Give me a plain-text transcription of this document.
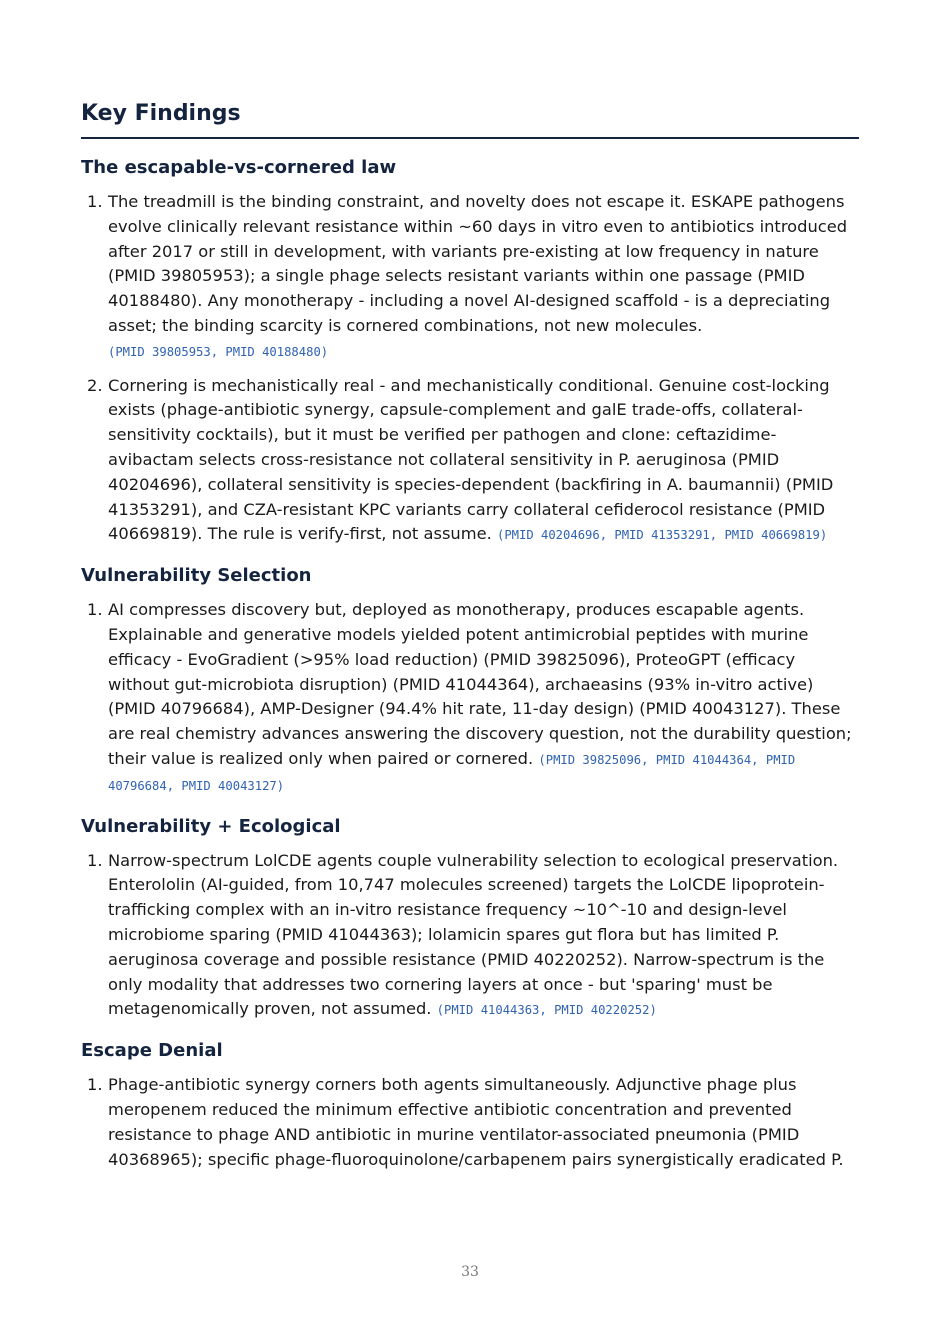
Key Findings
The escapable-vs-cornered law
1. The treadmill is the binding constraint, and novelty does not escape it. ESKAPE pathogens evolve clinically relevant resistance within ~60 days in vitro even to antibiotics introduced after 2017 or still in development, with variants pre-existing at low frequency in nature (PMID 39805953); a single phage selects resistant variants within one passage (PMID 40188480). Any monotherapy - including a novel AI-designed scaffold - is a depreciating asset; the binding scarcity is cornered combinations, not new molecules.
(PMID 39805953, PMID 40188480)
2. Cornering is mechanistically real - and mechanistically conditional. Genuine cost-locking exists (phage-antibiotic synergy, capsule-complement and galE trade-offs, collateral-sensitivity cocktails), but it must be verified per pathogen and clone: ceftazidime-avibactam selects cross-resistance not collateral sensitivity in P. aeruginosa (PMID 40204696), collateral sensitivity is species-dependent (backfiring in A. baumannii) (PMID 41353291), and CZA-resistant KPC variants carry collateral cefiderocol resistance (PMID 40669819). The rule is verify-first, not assume. (PMID 40204696, PMID 41353291, PMID 40669819)
Vulnerability Selection
1. AI compresses discovery but, deployed as monotherapy, produces escapable agents. Explainable and generative models yielded potent antimicrobial peptides with murine efficacy - EvoGradient (>95% load reduction) (PMID 39825096), ProteoGPT (efficacy without gut-microbiota disruption) (PMID 41044364), archaeasins (93% in-vitro active) (PMID 40796684), AMP-Designer (94.4% hit rate, 11-day design) (PMID 40043127). These are real chemistry advances answering the discovery question, not the durability question; their value is realized only when paired or cornered. (PMID 39825096, PMID 41044364, PMID 40796684, PMID 40043127)
Vulnerability + Ecological
1. Narrow-spectrum LolCDE agents couple vulnerability selection to ecological preservation. Enterololin (AI-guided, from 10,747 molecules screened) targets the LolCDE lipoprotein-trafficking complex with an in-vitro resistance frequency ~10^-10 and design-level microbiome sparing (PMID 41044363); lolamicin spares gut flora but has limited P. aeruginosa coverage and possible resistance (PMID 40220252). Narrow-spectrum is the only modality that addresses two cornering layers at once - but 'sparing' must be metagenomically proven, not assumed. (PMID 41044363, PMID 40220252)
Escape Denial
1. Phage-antibiotic synergy corners both agents simultaneously. Adjunctive phage plus meropenem reduced the minimum effective antibiotic concentration and prevented resistance to phage AND antibiotic in murine ventilator-associated pneumonia (PMID 40368965); specific phage-fluoroquinolone/carbapenem pairs synergistically eradicated P.
33
